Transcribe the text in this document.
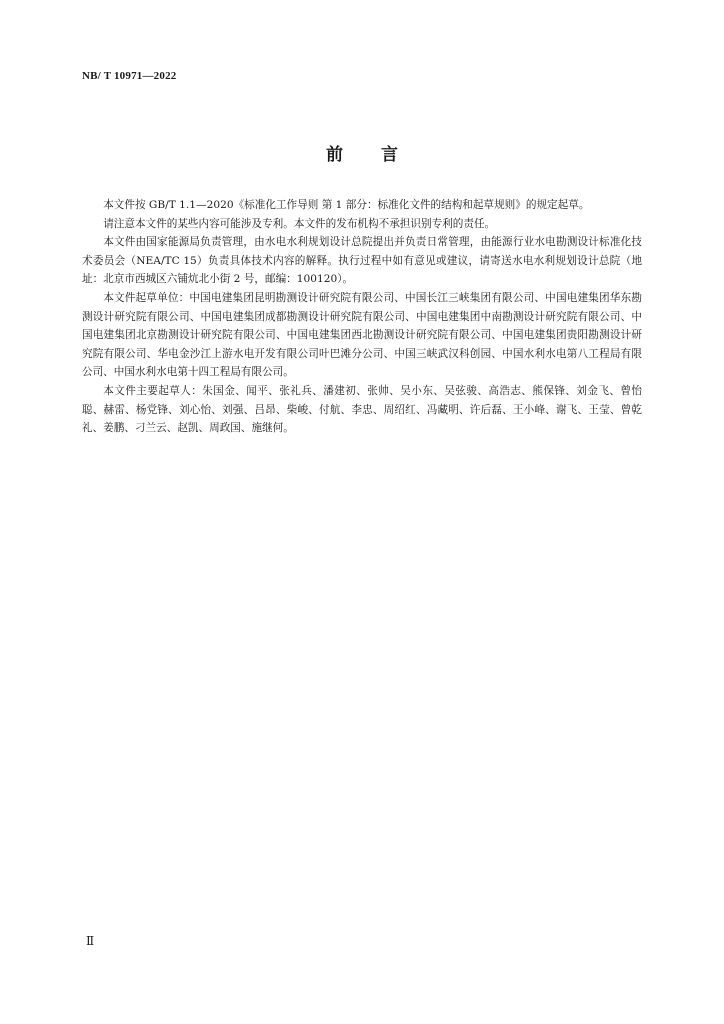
NB/ T 10971—2022
前言

本文件按 GB/T 1.1—2020《标准化工作导则 第 1 部分：标准化文件的结构和起草规则》的规定起草。

请注意本文件的某些内容可能涉及专利。本文件的发布机构不承担识别专利的责任。

本文件由国家能源局负责管理，由水电水利规划设计总院提出并负责日常管理，由能源行业水电勘测设计标准化技术委员会（NEA/TC 15）负责具体技术内容的解释。执行过程中如有意见或建议，请寄送水电水利规划设计总院（地址：北京市西城区六铺炕北小街 2 号，邮编：100120）。

本文件起草单位：中国电建集团昆明勘测设计研究院有限公司、中国长江三峡集团有限公司、中国电建集团华东勘测设计研究院有限公司、中国电建集团成都勘测设计研究院有限公司、中国电建集团中南勘测设计研究院有限公司、中国电建集团北京勘测设计研究院有限公司、中国电建集团西北勘测设计研究院有限公司、中国电建集团贵阳勘测设计研究院有限公司、华电金沙江上游水电开发有限公司叶巴滩分公司、中国三峡武汉科创园、中国水利水电第八工程局有限公司、中国水利水电第十四工程局有限公司。

本文件主要起草人：朱国金、闻平、张礼兵、潘建初、张帅、吴小东、吴弦骏、高浩志、熊保锋、刘金飞、曾怡聪、赫雷、杨党锋、刘心怡、刘强、吕昂、柴峻、付航、李忠、周绍红、冯藏明、许后磊、王小峰、谢飞、王莹、曾乾礼、姜鹏、刁兰云、赵凯、周政国、施继何。

Ⅱ
